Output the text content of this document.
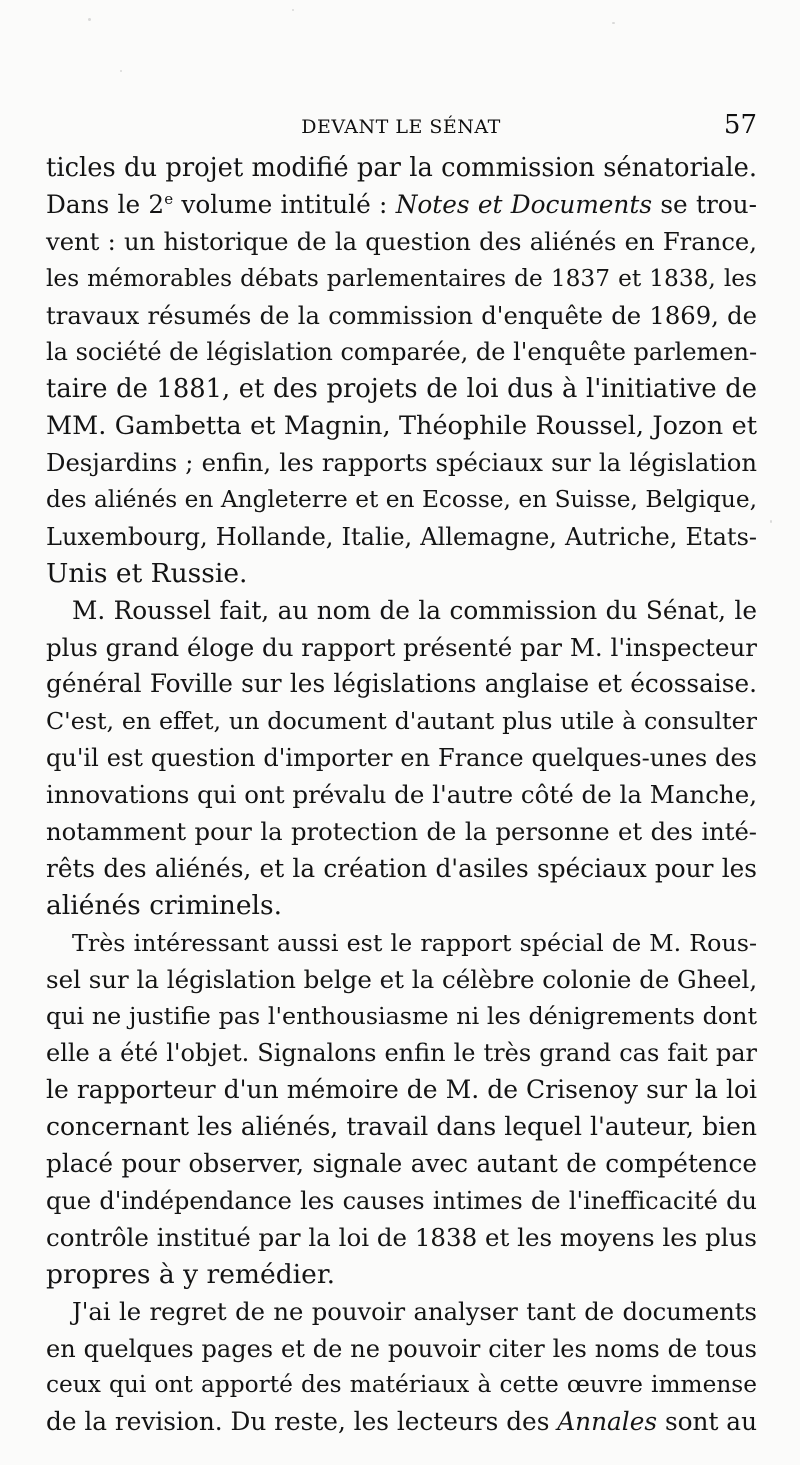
DEVANT LE SÉNAT	57
ticles du projet modifié par la commission sénatoriale.
Dans le 2e volume intitulé : Notes et Documents se trou-
vent : un historique de la question des aliénés en France,
les mémorables débats parlementaires de 1837 et 1838, les
travaux résumés de la commission d'enquête de 1869, de
la société de législation comparée, de l'enquête parlemen-
taire de 1881, et des projets de loi dus à l'initiative de
MM. Gambetta et Magnin, Théophile Roussel, Jozon et
Desjardins ; enfin, les rapports spéciaux sur la législation
des aliénés en Angleterre et en Ecosse, en Suisse, Belgique,
Luxembourg, Hollande, Italie, Allemagne, Autriche, Etats-
Unis et Russie.
M. Roussel fait, au nom de la commission du Sénat, le
plus grand éloge du rapport présenté par M. l'inspecteur
général Foville sur les législations anglaise et écossaise.
C'est, en effet, un document d'autant plus utile à consulter
qu'il est question d'importer en France quelques-unes des
innovations qui ont prévalu de l'autre côté de la Manche,
notamment pour la protection de la personne et des inté-
rêts des aliénés, et la création d'asiles spéciaux pour les
aliénés criminels.
Très intéressant aussi est le rapport spécial de M. Rous-
sel sur la législation belge et la célèbre colonie de Gheel,
qui ne justifie pas l'enthousiasme ni les dénigrements dont
elle a été l'objet. Signalons enfin le très grand cas fait par
le rapporteur d'un mémoire de M. de Crisenoy sur la loi
concernant les aliénés, travail dans lequel l'auteur, bien
placé pour observer, signale avec autant de compétence
que d'indépendance les causes intimes de l'inefficacité du
contrôle institué par la loi de 1838 et les moyens les plus
propres à y remédier.
J'ai le regret de ne pouvoir analyser tant de documents
en quelques pages et de ne pouvoir citer les noms de tous
ceux qui ont apporté des matériaux à cette œuvre immense
de la revision. Du reste, les lecteurs des Annales sont au
